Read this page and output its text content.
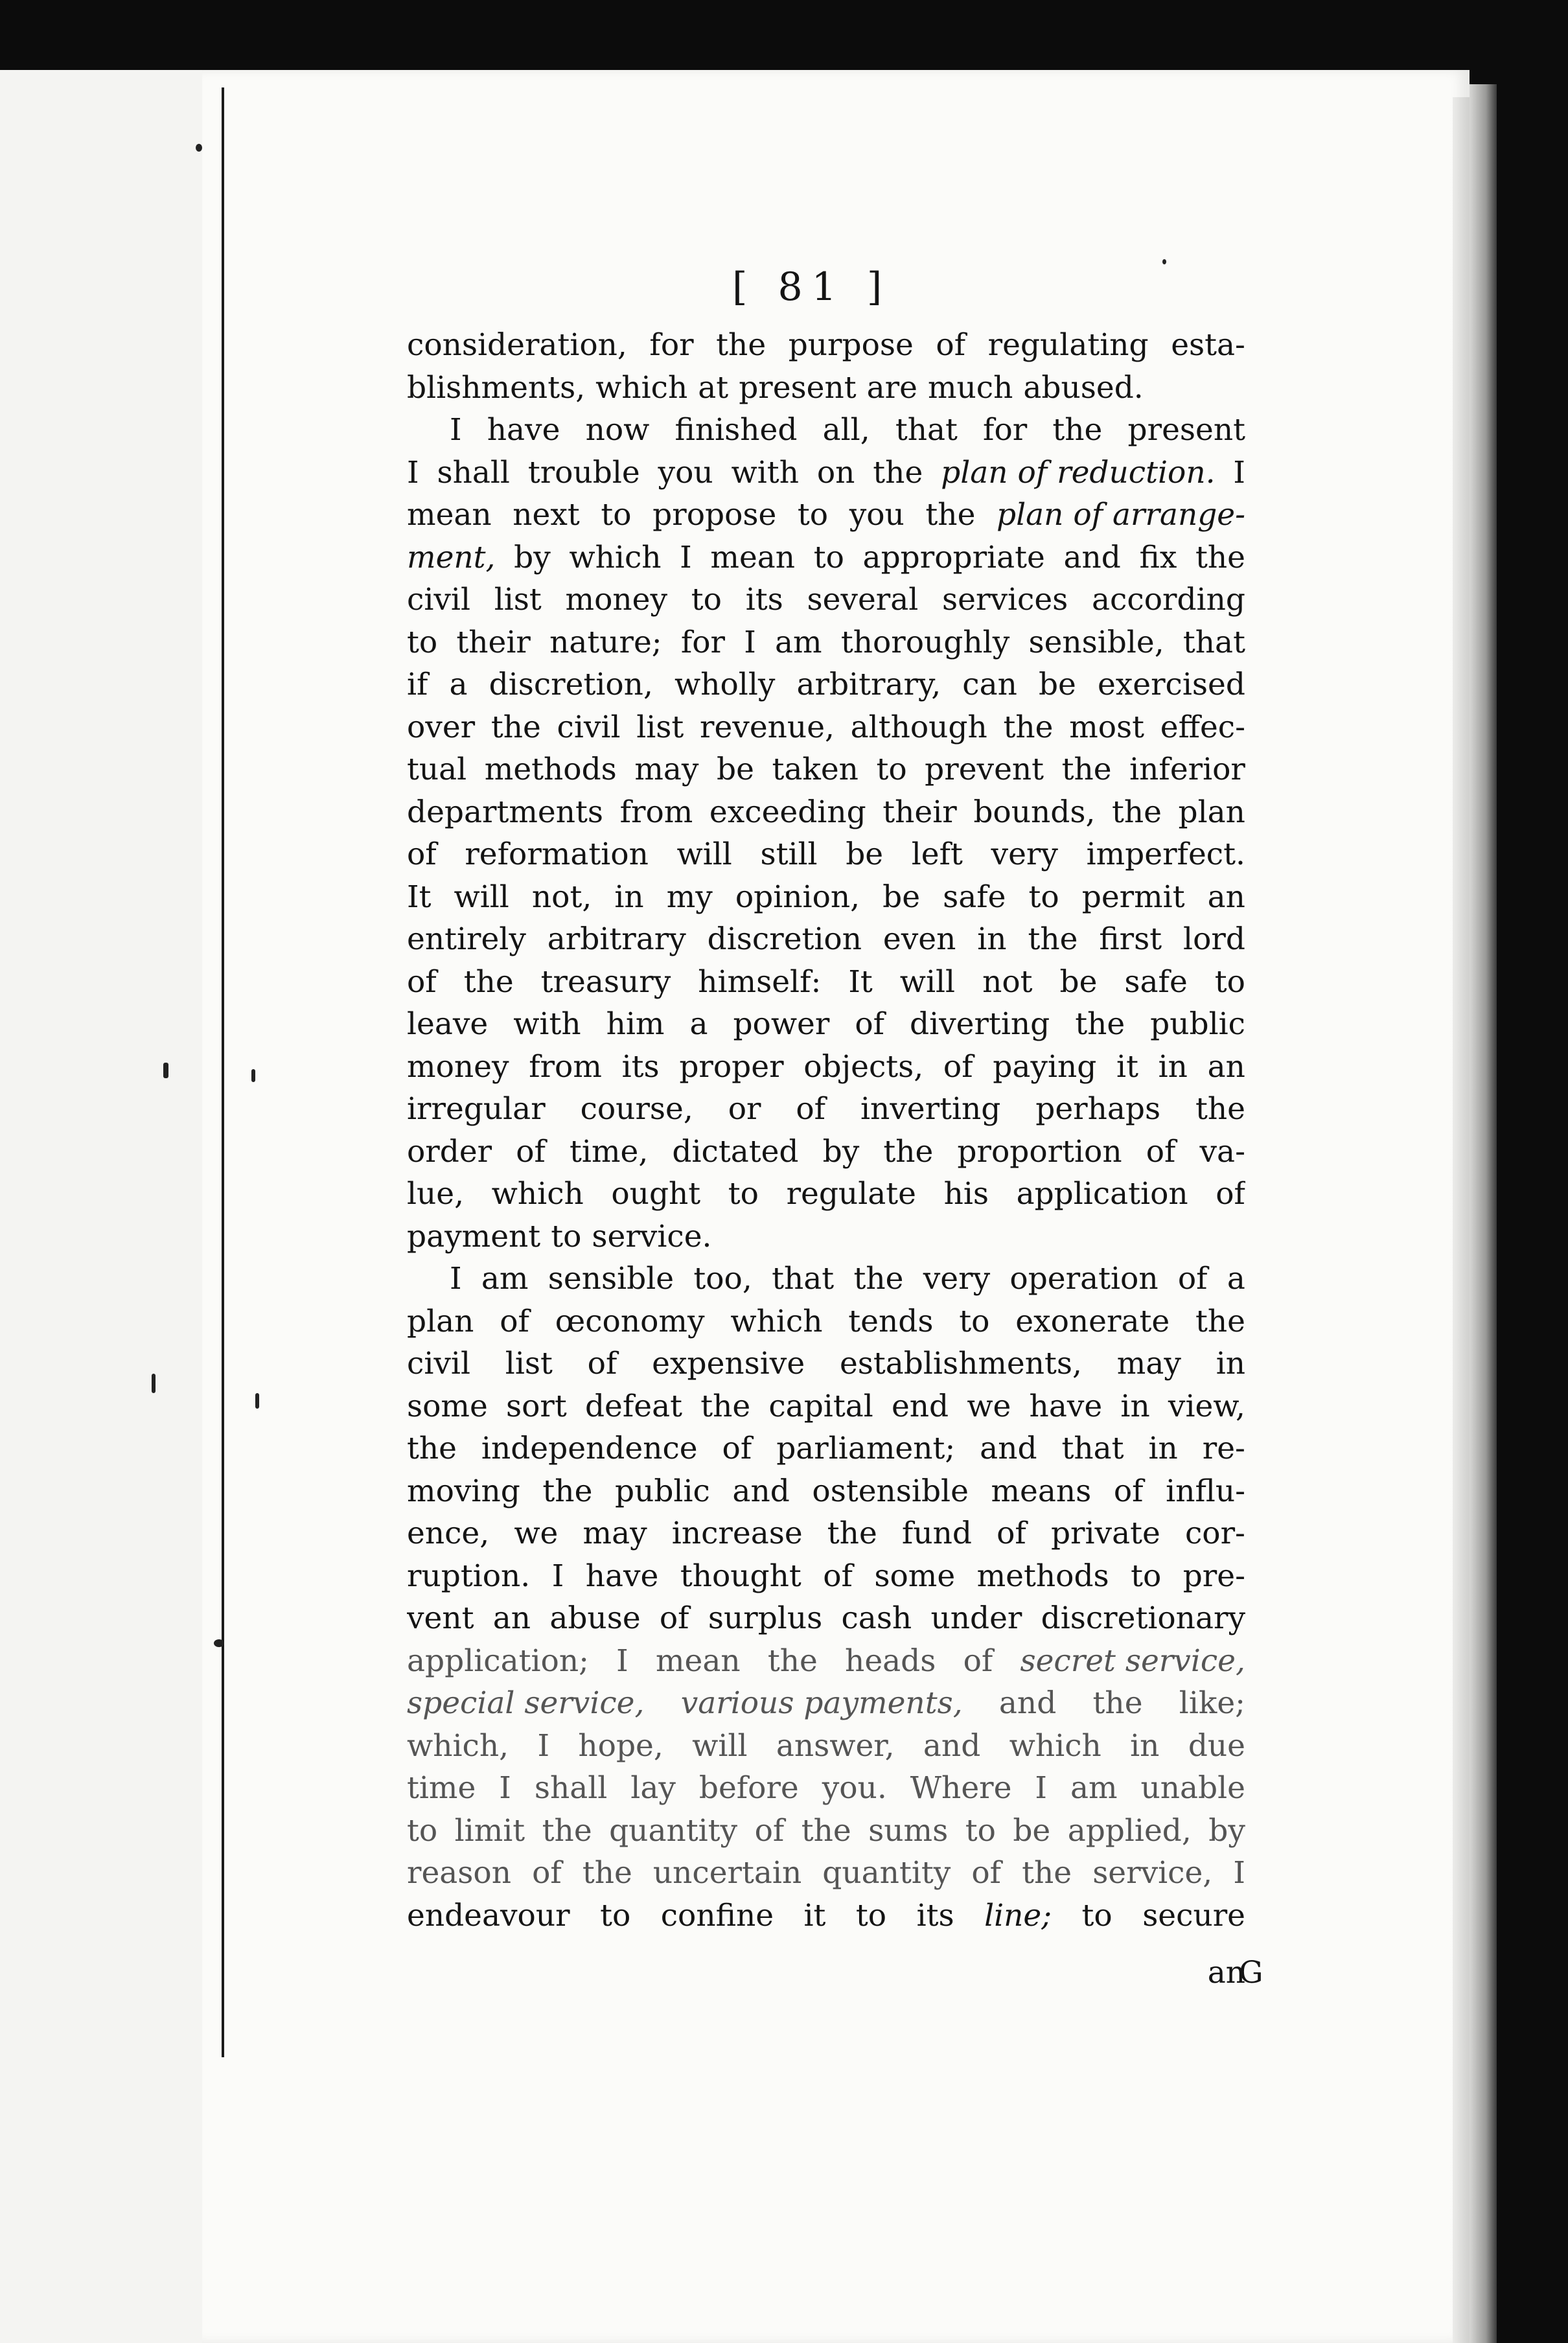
[ 81 ]
consideration, for the purpose of regulating esta-
blishments, which at present are much abused.
I have now finished all, that for the present
I shall trouble you with on the plan of reduction. I
mean next to propose to you the plan of arrange-
ment, by which I mean to appropriate and fix the
civil list money to its several services according
to their nature; for I am thoroughly sensible, that
if a discretion, wholly arbitrary, can be exercised
over the civil list revenue, although the most effec-
tual methods may be taken to prevent the inferior
departments from exceeding their bounds, the plan
of reformation will still be left very imperfect.
It will not, in my opinion, be safe to permit an
entirely arbitrary discretion even in the first lord
of the treasury himself: It will not be safe to
leave with him a power of diverting the public
money from its proper objects, of paying it in an
irregular course, or of inverting perhaps the
order of time, dictated by the proportion of va-
lue, which ought to regulate his application of
payment to service.
I am sensible too, that the very operation of a
plan of œconomy which tends to exonerate the
civil list of expensive establishments, may in
some sort defeat the capital end we have in view,
the independence of parliament; and that in re-
moving the public and ostensible means of influ-
ence, we may increase the fund of private cor-
ruption. I have thought of some methods to pre-
vent an abuse of surplus cash under discretionary
application; I mean the heads of secret service,
special service, various payments, and the like;
which, I hope, will answer, and which in due
time I shall lay before you. Where I am unable
to limit the quantity of the sums to be applied, by
reason of the uncertain quantity of the service, I
endeavour to confine it to its line; to secure
G
an
